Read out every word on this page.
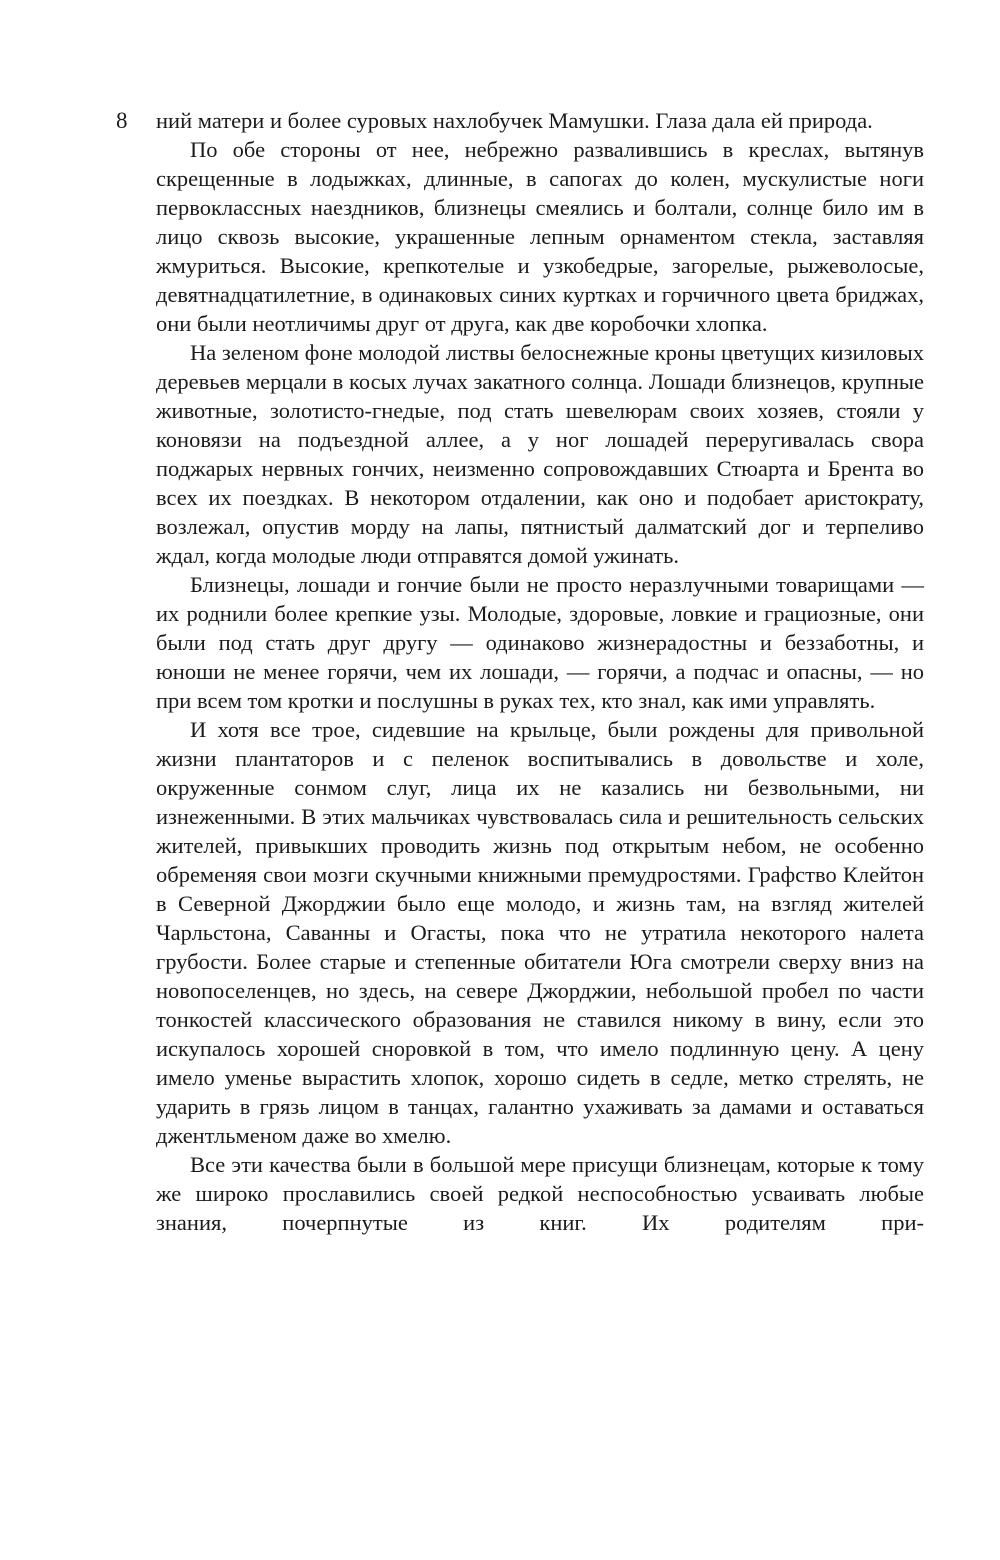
8 ний матери и более суровых нахлобучек Мамушки. Глаза дала ей природа.

По обе стороны от нее, небрежно развалившись в креслах, вытянув скрещенные в лодыжках, длинные, в сапогах до колен, мускулистые ноги первоклассных наездников, близнецы смеялись и болтали, солнце било им в лицо сквозь высокие, украшенные лепным орнаментом стекла, заставляя жмуриться. Высокие, крепкотелые и узкобедрые, загорелые, рыжеволосые, девятнадцатилетние, в одинаковых синих куртках и горчичного цвета бриджах, они были неотличимы друг от друга, как две коробочки хлопка.

На зеленом фоне молодой листвы белоснежные кроны цветущих кизиловых деревьев мерцали в косых лучах закатного солнца. Лошади близнецов, крупные животные, золотисто-гнедые, под стать шевелюрам своих хозяев, стояли у коновязи на подъездной аллее, а у ног лошадей переругивалась свора поджарых нервных гончих, неизменно сопровождавших Стюарта и Брента во всех их поездках. В некотором отдалении, как оно и подобает аристократу, возлежал, опустив морду на лапы, пятнистый далматский дог и терпеливо ждал, когда молодые люди отправятся домой ужинать.

Близнецы, лошади и гончие были не просто неразлучными товарищами — их роднили более крепкие узы. Молодые, здоровые, ловкие и грациозные, они были под стать друг другу — одинаково жизнерадостны и беззаботны, и юноши не менее горячи, чем их лошади, — горячи, а подчас и опасны, — но при всем том кротки и послушны в руках тех, кто знал, как ими управлять.

И хотя все трое, сидевшие на крыльце, были рождены для привольной жизни плантаторов и с пеленок воспитывались в довольстве и холе, окруженные сонмом слуг, лица их не казались ни безвольными, ни изнеженными. В этих мальчиках чувствовалась сила и решительность сельских жителей, привыкших проводить жизнь под открытым небом, не особенно обременяя свои мозги скучными книжными премудростями. Графство Клейтон в Северной Джорджии было еще молодо, и жизнь там, на взгляд жителей Чарльстона, Саванны и Огасты, пока что не утратила некоторого налета грубости. Более старые и степенные обитатели Юга смотрели сверху вниз на новопоселенцев, но здесь, на севере Джорджии, небольшой пробел по части тонкостей классического образования не ставился никому в вину, если это искупалось хорошей сноровкой в том, что имело подлинную цену. А цену имело уменье вырастить хлопок, хорошо сидеть в седле, метко стрелять, не ударить в грязь лицом в танцах, галантно ухаживать за дамами и оставаться джентльменом даже во хмелю.

Все эти качества были в большой мере присущи близнецам, которые к тому же широко прославились своей редкой неспособностью усваивать любые знания, почерпнутые из книг. Их родителям при-
